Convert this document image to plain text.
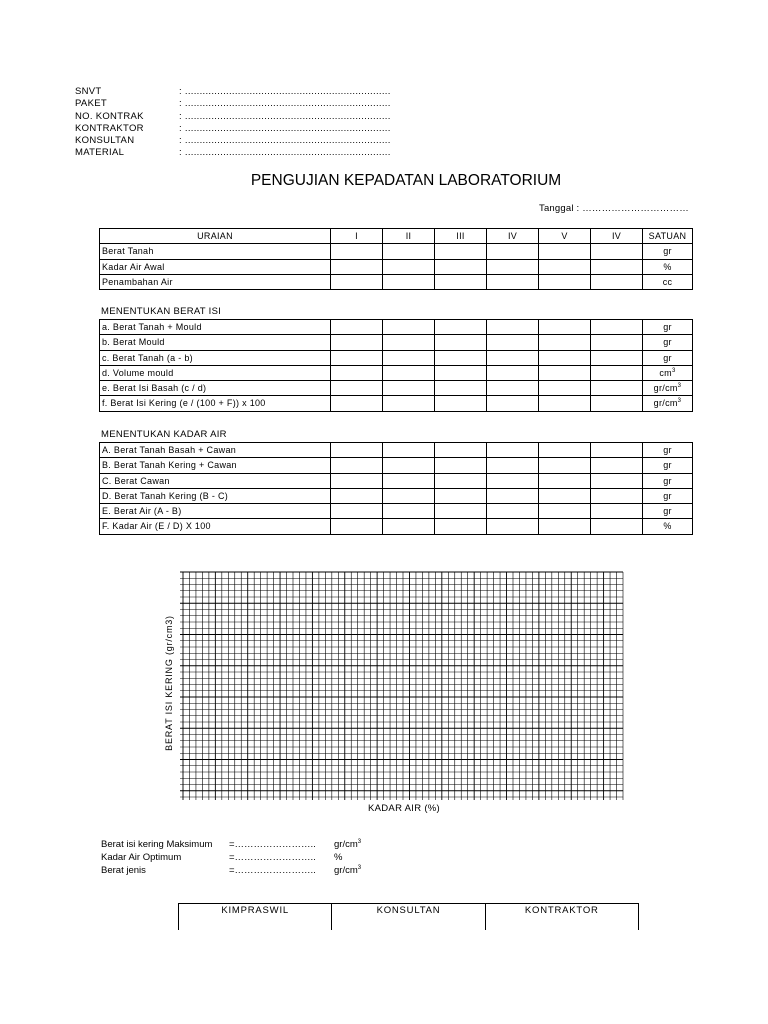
SNVT	: ......................................................................
PAKET	: ......................................................................
NO. KONTRAK	: ......................................................................
KONTRAKTOR	: ......................................................................
KONSULTAN	: ......................................................................
MATERIAL	: ......................................................................
PENGUJIAN KEPADATAN LABORATORIUM
Tanggal : ……………………………
URAIAN	I	II	III	IV	V	IV	SATUAN
Berat Tanah							gr
Kadar Air Awal							%
Penambahan Air							cc
MENENTUKAN BERAT ISI
a. Berat Tanah + Mould							gr
b. Berat Mould							gr
c. Berat Tanah (a - b)							gr
d. Volume mould							$cm^3$
e. Berat Isi Basah (c / d)							$gr/cm^3$
f. Berat Isi Kering (e / (100 + F)) x 100							$gr/cm^3$
MENENTUKAN KADAR AIR
A. Berat Tanah Basah + Cawan							gr
B. Berat Tanah Kering + Cawan							gr
C. Berat Cawan							gr
D. Berat Tanah Kering (B - C)							gr
E. Berat Air (A - B)							gr
F. Kadar Air (E / D) X 100							%
BERAT ISI KERING (gr/cm3)
KADAR AIR (%)
Berat isi kering Maksimum	=……………………..	$gr/cm^3$
Kadar Air Optimum	=……………………..	%
Berat jenis	=……………………..	$gr/cm^3$
KIMPRASWIL	KONSULTAN	KONTRAKTOR
